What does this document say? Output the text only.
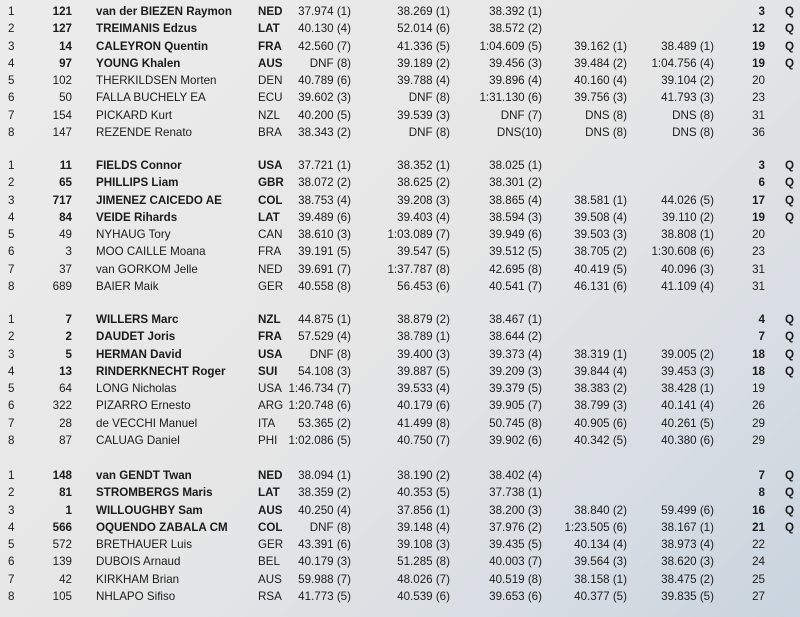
1	121 van der BIEZEN Raymon NED 37.974 (1)	38.269 (1)	38.392 (1)	3 Q
2	127 TREIMANIS Edzus	LAT 40.130 (4)	52.014 (6)	38.572 (2)	12 Q
3	14 CALEYRON Quentin	FRA 42.560 (7)	41.336 (5)	1:04.609 (5)	39.162 (1)	38.489 (1)	19 Q
4	97 YOUNG Khalen	AUS DNF (8)	39.189 (2)	39.456 (3)	39.484 (2) 1:04.756 (4)	19 Q
5	102 THERKILDSEN Morten	DEN 40.789 (6)	39.788 (4)	39.896 (4)	40.160 (4)	39.104 (2)	20
6	50 FALLA BUCHELY EA	ECU 39.602 (3)	DNF (8)	1:31.130 (6)	39.756 (3)	41.793 (3)	23
7	154 PICKARD Kurt	NZL 40.200 (5)	39.539 (3)	DNF (7)	DNS (8)	DNS (8)	31
8	147 REZENDE Renato	BRA 38.343 (2)	DNF (8)	DNS(10)	DNS (8)	DNS (8)	36
1	11 FIELDS Connor	USA 37.721 (1)	38.352 (1)	38.025 (1)	3 Q
2	65 PHILLIPS Liam	GBR 38.072 (2)	38.625 (2)	38.301 (2)	6 Q
3	717 JIMENEZ CAICEDO AE	COL 38.753 (4)	39.208 (3)	38.865 (4)	38.581 (1)	44.026 (5)	17 Q
4	84 VEIDE Rihards	LAT 39.489 (6)	39.403 (4)	38.594 (3)	39.508 (4)	39.110 (2)	19 Q
5	49 NYHAUG Tory	CAN 38.610 (3)	1:03.089 (7)	39.949 (6)	39.503 (3)	38.808 (1)	20
6	3 MOO CAILLE Moana	FRA 39.191 (5)	39.547 (5)	39.512 (5)	38.705 (2) 1:30.608 (6)	23
7	37 van GORKOM Jelle	NED 39.691 (7)	1:37.787 (8)	42.695 (8)	40.419 (5)	40.096 (3)	31
8	689 BAIER Maik	GER 40.558 (8)	56.453 (6)	40.541 (7)	46.131 (6)	41.109 (4)	31
1	7 WILLERS Marc	NZL 44.875 (1)	38.879 (2)	38.467 (1)	4 Q
2	2 DAUDET Joris	FRA 57.529 (4)	38.789 (1)	38.644 (2)	7 Q
3	5 HERMAN David	USA DNF (8)	39.400 (3)	39.373 (4)	38.319 (1)	39.005 (2)	18 Q
4	13 RINDERKNECHT Roger	SUI 54.108 (3)	39.887 (5)	39.209 (3)	39.844 (4)	39.453 (3)	18 Q
5	64 LONG Nicholas	USA 1:46.734 (7)	39.533 (4)	39.379 (5)	38.383 (2)	38.428 (1)	19
6	322 PIZARRO Ernesto	ARG 1:20.748 (6)	40.179 (6)	39.905 (7)	38.799 (3)	40.141 (4)	26
7	28 de VECCHI Manuel	ITA 53.365 (2)	41.499 (8)	50.745 (8)	40.905 (6)	40.261 (5)	29
8	87 CALUAG Daniel	PHI 1:02.086 (5)	40.750 (7)	39.902 (6)	40.342 (5)	40.380 (6)	29
1	148 van GENDT Twan	NED 38.094 (1)	38.190 (2)	38.402 (4)	7 Q
2	81 STROMBERGS Maris	LAT 38.359 (2)	40.353 (5)	37.738 (1)	8 Q
3	1 WILLOUGHBY Sam	AUS 40.250 (4)	37.856 (1)	38.200 (3)	38.840 (2)	59.499 (6)	16 Q
4	566 OQUENDO ZABALA CM	COL DNF (8)	39.148 (4)	37.976 (2) 1:23.505 (6)	38.167 (1)	21 Q
5	572 BRETHAUER Luis	GER 43.391 (6)	39.108 (3)	39.435 (5)	40.134 (4)	38.973 (4)	22
6	139 DUBOIS Arnaud	BEL 40.179 (3)	51.285 (8)	40.003 (7)	39.564 (3)	38.620 (3)	24
7	42 KIRKHAM Brian	AUS 59.988 (7)	48.026 (7)	40.519 (8)	38.158 (1)	38.475 (2)	25
8	105 NHLAPO Sifiso	RSA 41.773 (5)	40.539 (6)	39.653 (6)	40.377 (5)	39.835 (5)	27
